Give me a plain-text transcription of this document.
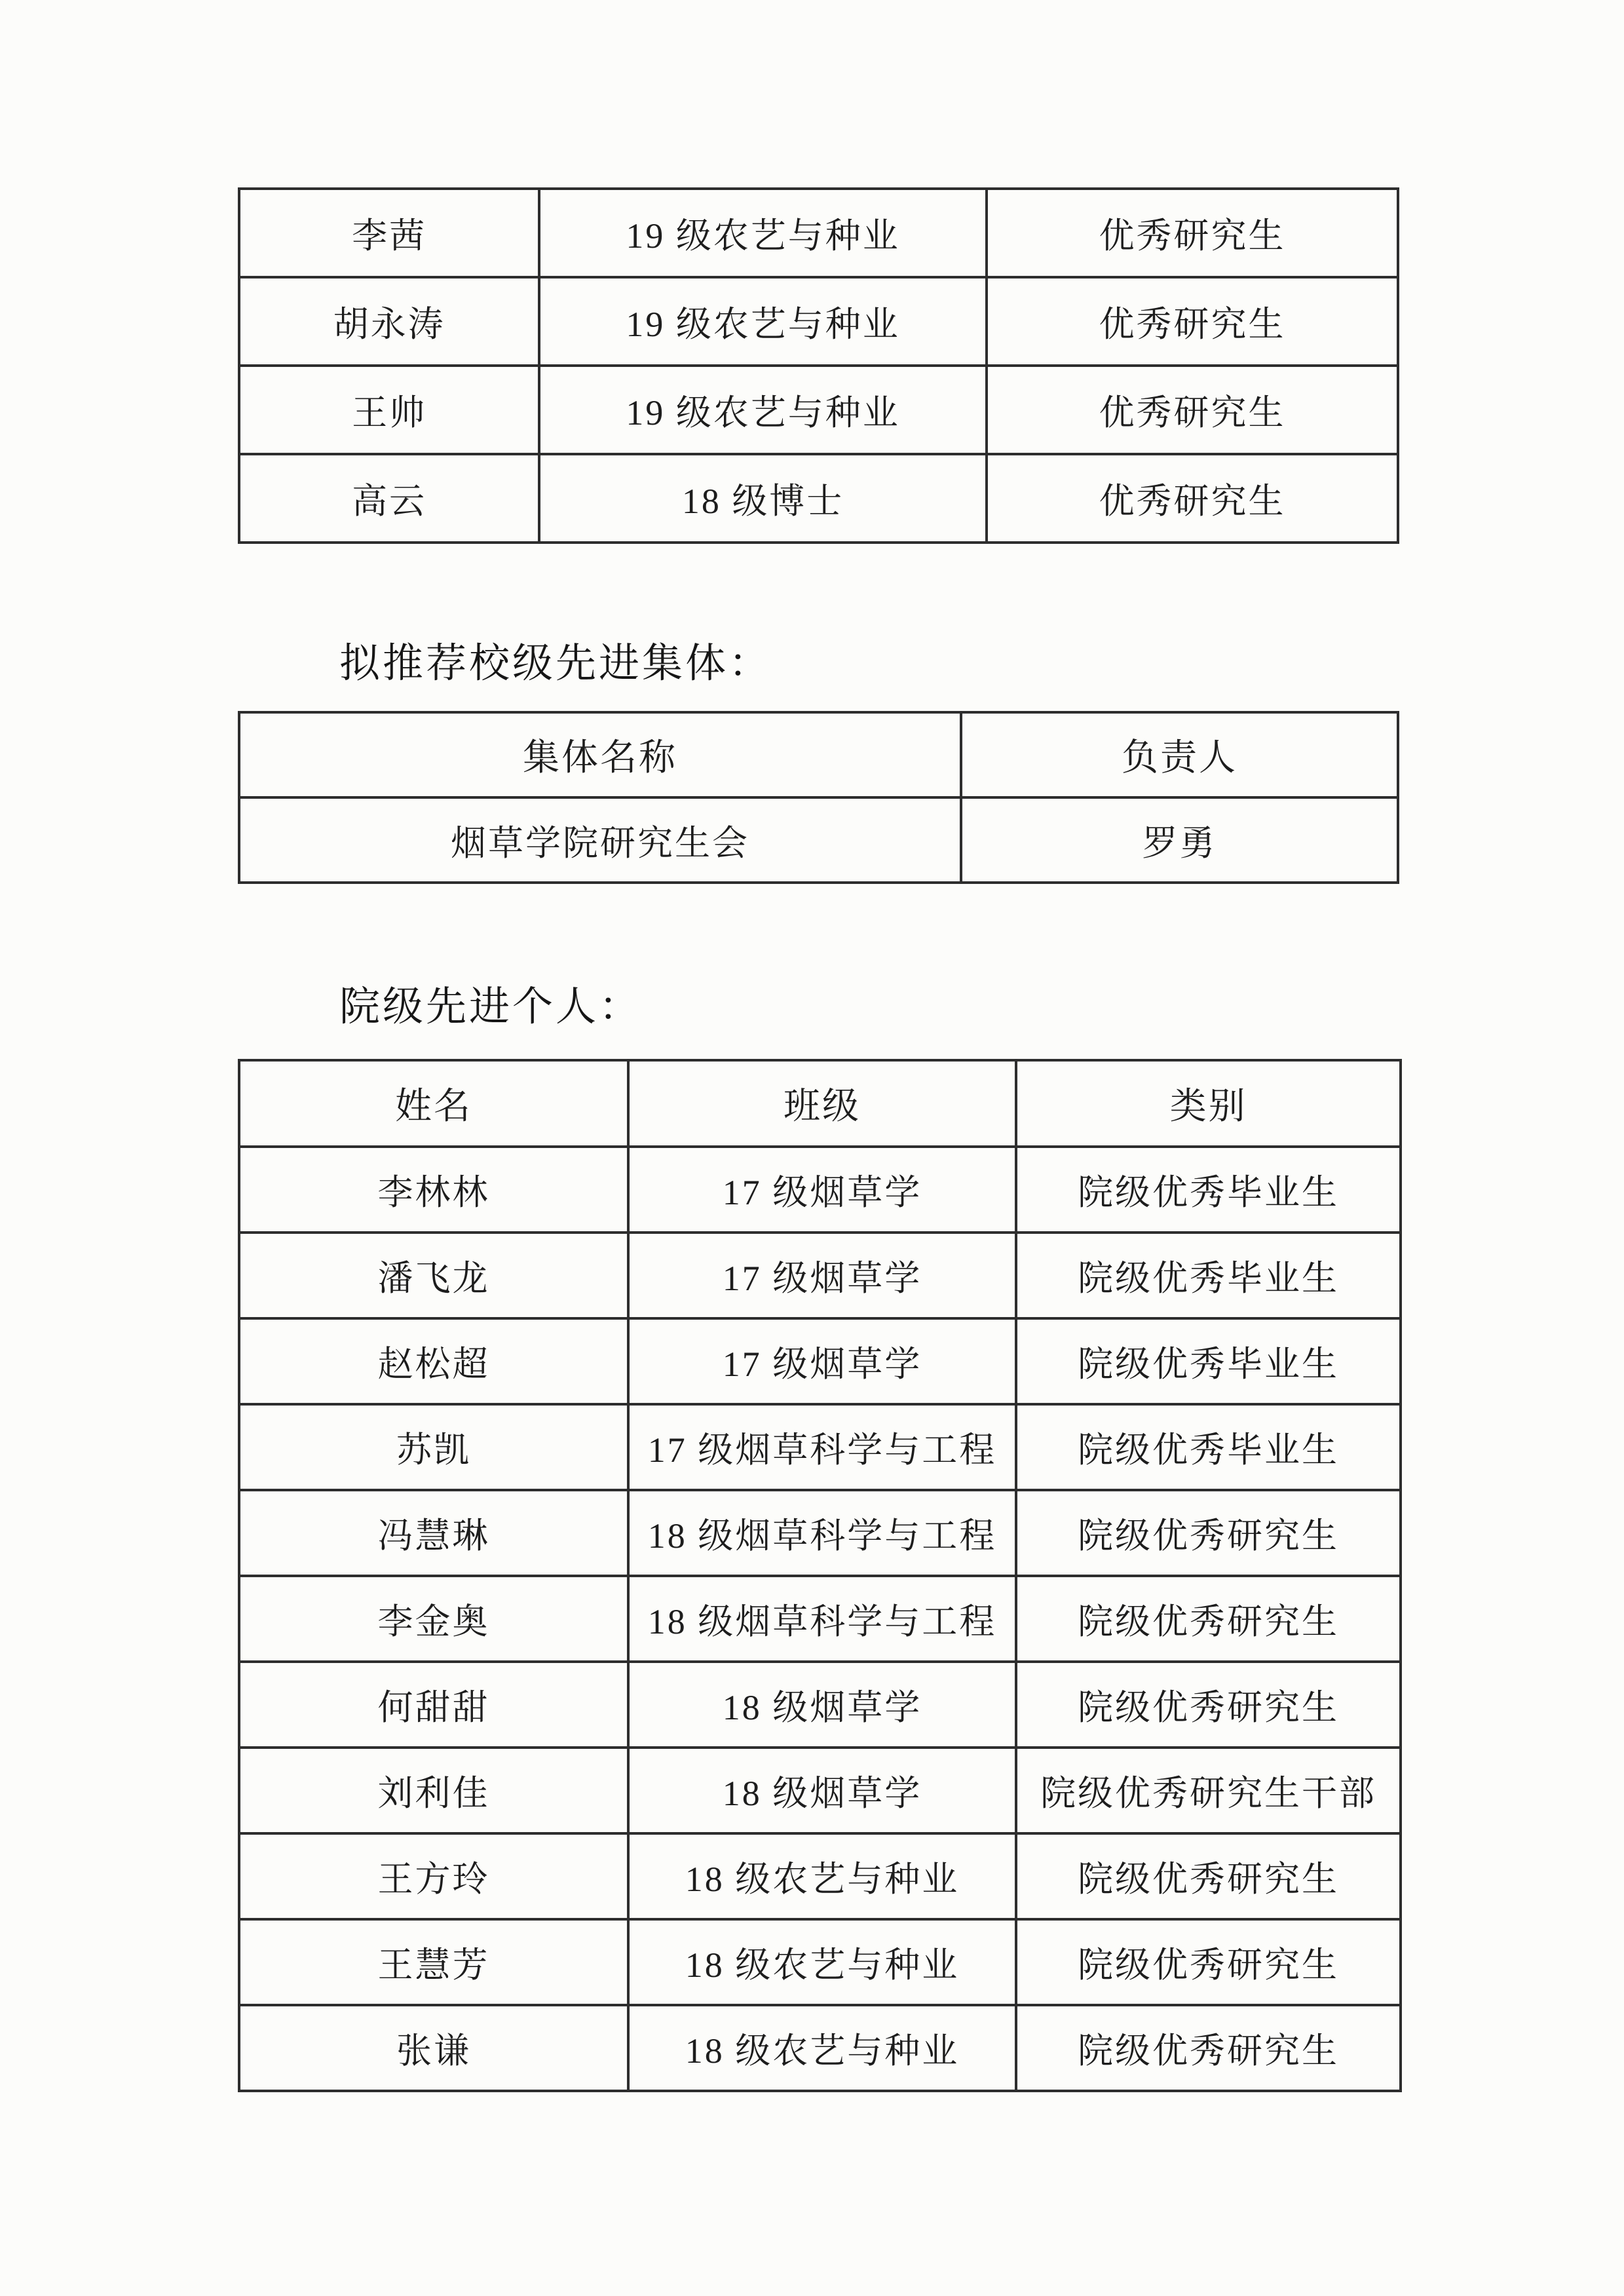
李茜	19 级农艺与种业	优秀研究生
胡永涛	19 级农艺与种业	优秀研究生
王帅	19 级农艺与种业	优秀研究生
高云	18 级博士	优秀研究生
拟推荐校级先进集体：
集体名称	负责人
烟草学院研究生会	罗勇
院级先进个人：
姓名	班级	类别
李林林	17 级烟草学	院级优秀毕业生
潘飞龙	17 级烟草学	院级优秀毕业生
赵松超	17 级烟草学	院级优秀毕业生
苏凯	17 级烟草科学与工程	院级优秀毕业生
冯慧琳	18 级烟草科学与工程	院级优秀研究生
李金奥	18 级烟草科学与工程	院级优秀研究生
何甜甜	18 级烟草学	院级优秀研究生
刘利佳	18 级烟草学	院级优秀研究生干部
王方玲	18 级农艺与种业	院级优秀研究生
王慧芳	18 级农艺与种业	院级优秀研究生
张谦	18 级农艺与种业	院级优秀研究生
